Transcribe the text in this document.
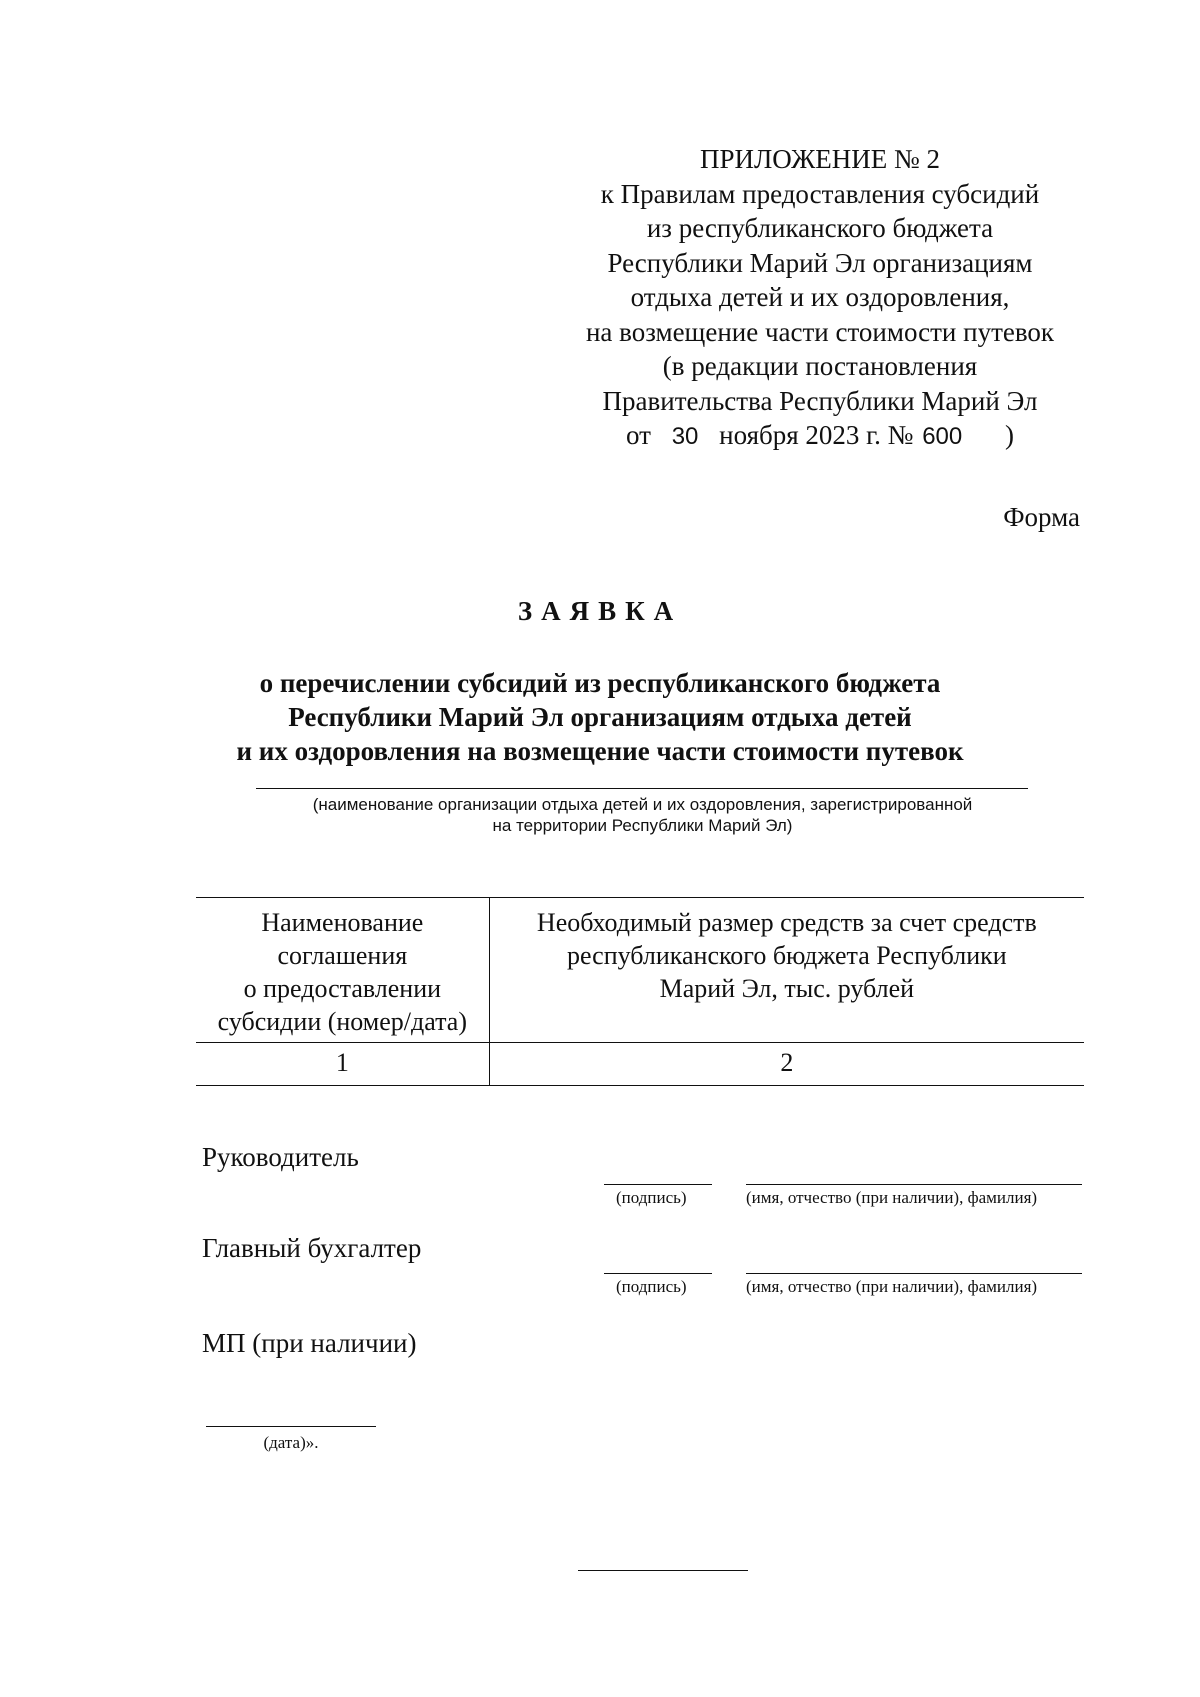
ПРИЛОЖЕНИЕ № 2
к Правилам предоставления субсидий
из республиканского бюджета
Республики Марий Эл организациям
отдыха детей и их оздоровления,
на возмещение части стоимости путевок
(в редакции постановления
Правительства Республики Марий Эл
от 30 ноября 2023 г. № 600 )
Форма
ЗАЯВКА
о перечислении субсидий из республиканского бюджета
Республики Марий Эл организациям отдыха детей
и их оздоровления на возмещение части стоимости путевок
(наименование организации отдыха детей и их оздоровления, зарегистрированной
на территории Республики Марий Эл)
Наименование
соглашения
о предоставлении
субсидии (номер/дата)	Необходимый размер средств за счет средств
республиканского бюджета Республики
Марий Эл, тыс. рублей

1	2
Руководитель
(подпись)	(имя, отчество (при наличии), фамилия)
Главный бухгалтер
(подпись)	(имя, отчество (при наличии), фамилия)
МП (при наличии)
(дата)».
